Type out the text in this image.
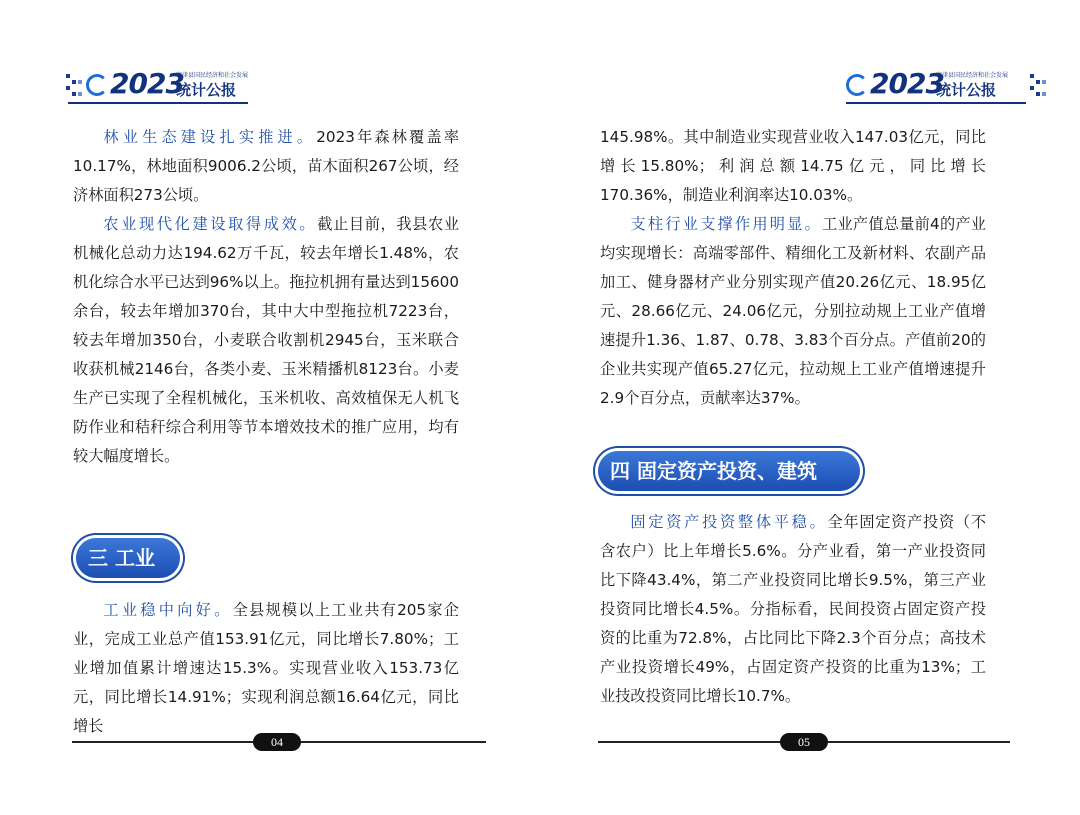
2023
宁津县国民经济和社会发展
统计公报

林业生态建设扎实推进。2023年森林覆盖率10.17%，林地面积9006.2公顷，苗木面积267公顷，经济林面积273公顷。

农业现代化建设取得成效。截止目前，我县农业机械化总动力达194.62万千瓦，较去年增长1.48%，农机化综合水平已达到96%以上。拖拉机拥有量达到15600余台，较去年增加370台，其中大中型拖拉机7223台，较去年增加350台，小麦联合收割机2945台，玉米联合收获机械2146台，各类小麦、玉米精播机8123台。小麦生产已实现了全程机械化，玉米机收、高效植保无人机飞防作业和秸秆综合利用等节本增效技术的推广应用，均有较大幅度增长。

三 工业

工业稳中向好。全县规模以上工业共有205家企业，完成工业总产值153.91亿元，同比增长7.80%；工业增加值累计增速达15.3%。实现营业收入153.73亿元，同比增长14.91%；实现利润总额16.64亿元，同比增长

04
2023
宁津县国民经济和社会发展
统计公报

145.98%。其中制造业实现营业收入147.03亿元，同比增长15.80%；利润总额14.75亿元，同比增长170.36%，制造业利润率达10.03%。

支柱行业支撑作用明显。工业产值总量前4的产业均实现增长：高端零部件、精细化工及新材料、农副产品加工、健身器材产业分别实现产值20.26亿元、18.95亿元、28.66亿元、24.06亿元，分别拉动规上工业产值增速提升1.36、1.87、0.78、3.83个百分点。产值前20的企业共实现产值65.27亿元，拉动规上工业产值增速提升2.9个百分点，贡献率达37%。

四 固定资产投资、建筑

固定资产投资整体平稳。全年固定资产投资（不含农户）比上年增长5.6%。分产业看，第一产业投资同比下降43.4%，第二产业投资同比增长9.5%，第三产业投资同比增长4.5%。分指标看，民间投资占固定资产投资的比重为72.8%，占比同比下降2.3个百分点；高技术产业投资增长49%，占固定资产投资的比重为13%；工业技改投资同比增长10.7%。

05
